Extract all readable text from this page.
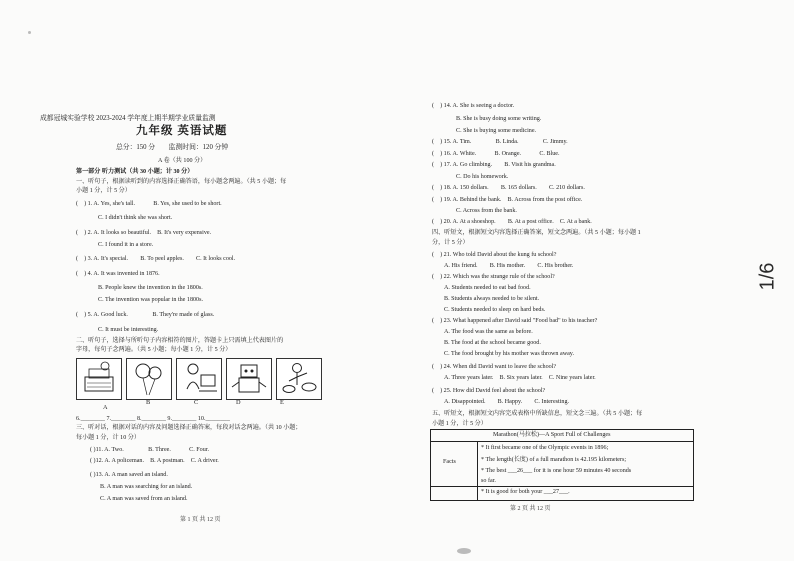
成都冠城实验学校 2023-2024 学年度上期半期学业质量监测
九年级 英语试题
总分：150 分　　监测时间：120 分钟
A 卷（共 100 分）
第一部分 听力测试（共 30 小题；计 30 分）
一、听句子，根据读听到的内容选择正确答语，每小题念两遍。（共 5 小题；每
小题 1 分，计 5 分）
(　) 1. A. Yes, she's tall.　　　B. Yes, she used to be short.
C. I didn't think she was short.
(　) 2. A. It looks so beautiful.　B. It's very expensive.
C. I found it in a store.
(　) 3. A. It's special.　　B. To peel apples.　　C. It looks cool.
(　) 4. A. It was invented in 1876.
B. People knew the invention in the 1800s.
C. The invention was popular in the 1800s.
(　) 5. A. Good luck.　　　　B. They're made of glass.
C. It must be interesting.
二、听句子，选择与所听句子内容相符的图片，答题卡上只需填上代表图片的
字母，每句子念两遍。（共 5 小题；每小题 1 分，计 5 分）
A
B	C	D	E
6.________ 7.________ 8.________ 9.________ 10.________
三、听对话，根据对话的内容及问题选择正确答案，每段对话念两遍。（共 10 小题；
每小题 1 分，计 10 分）
( )11. A. Two.　　　　B. Three.　　　C. Four.
( )12. A. A policeman.　B. A postman.　C. A driver.
( )13. A. A man saved an island.
B. A man was searching for an island.
C. A man was saved from an island.
第 1 页 共 12 页
(　) 14. A. She is seeing a doctor.
B. She is busy doing some writing.
C. She is buying some medicine.
(　) 15. A. Tim.　　　　B. Linda.　　　　C. Jimmy.
(　) 16. A. White.　　　B. Orange.　　　C. Blue.
(　) 17. A. Go climbing.　　B. Visit his grandma.
C. Do his homework.
(　) 18. A. 150 dollars.　　B. 165 dollars.　　C. 210 dollars.
(　) 19. A. Behind the bank.　B. Across from the post office.
C. Across from the bank.
(　) 20. A. At a shoeshop.　　B. At a post office.　C. At a bank.
四、听短文，根据短文内容选择正确答案，短文念两遍。（共 5 小题；每小题 1
分，计 5 分）
(　) 21. Who told David about the kung fu school?
A. His friend.　　B. His mother.　　C. His brother.
(　) 22. Which was the strange rule of the school?
A. Students needed to eat bad food.
B. Students always needed to be silent.
C. Students needed to sleep on hard beds.
(　) 23. What happened after David said "Food bad" to his teacher?
A. The food was the same as before.
B. The food at the school became good.
C. The food brought by his mother was thrown away.
(　) 24. When did David want to leave the school?
A. Three years later.　B. Six years later.　C. Nine years later.
(　) 25. How did David feel about the school?
A. Disappointed.　　B. Happy.　　C. Interesting.
五、听短文，根据短文内容完成表格中所缺信息，短文念三遍。（共 5 小题；每
小题 1 分，计 5 分）
Marathon(马拉松)—A Sport Full of Challenges
Facts
* It first became one of the Olympic events in 1896;
* The length(长度) of a full marathon is 42.195 kilometers;
* The best ___26___ for it is one hour 59 minutes 40 seconds
so far.
* It is good for both your ___27___.
第 2 页 共 12 页
1/6
